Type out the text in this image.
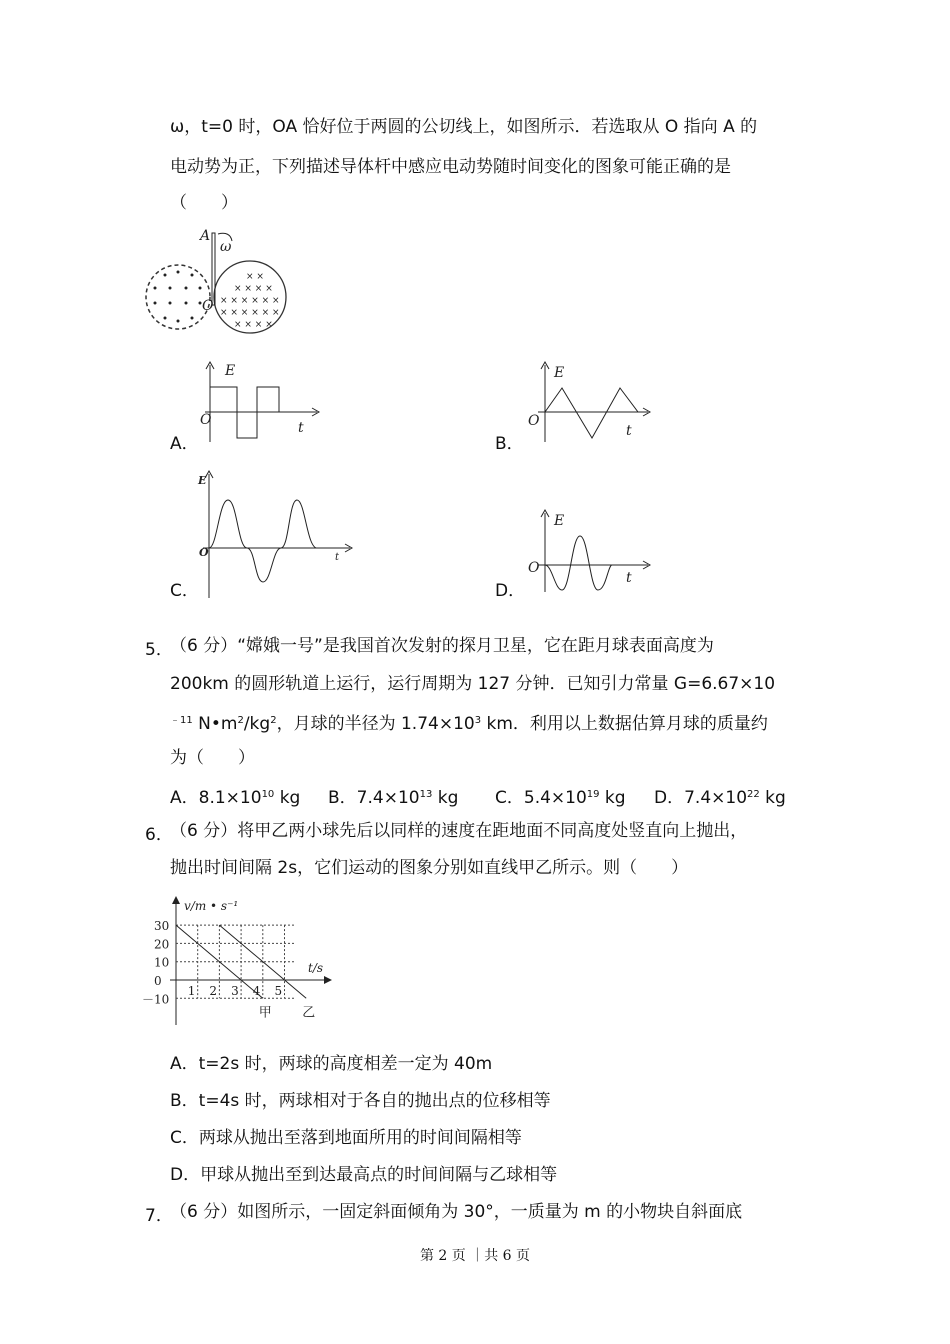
ω，t=0 时，OA 恰好位于两圆的公切线上，如图所示．若选取从 O 指向 A 的
电动势为正，下列描述导体杆中感应电动势随时间变化的图象可能正确的是
（　　）
× ×
× × × ×
× × × × × ×
× × × × × ×
× × × ×
A
ω
O
A．
E
O	t
B．
E
O
t
C．
E
O	t
D．
E
O
t
5．
（6 分）“嫦娥一号”是我国首次发射的探月卫星，它在距月球表面高度为
200km 的圆形轨道上运行，运行周期为 127 分钟．已知引力常量 G=6.67×10
$^{﹣11}$ $N•m^2/kg^2$，月球的半径为 $1.74\times 10^3$ km．利用以上数据估算月球的质量约
为（　　）
A．$8.1\times 10^{10}$ kg B．$7.4\times 10^{13}$ kg C．$5.4\times 10^{19}$ kg D．$7.4\times 10^{22}$ kg
6．
（6 分）将甲乙两小球先后以同样的速度在距地面不同高度处竖直向上抛出，
抛出时间间隔 2s，它们运动的图象分别如直线甲乙所示。则（　　）
甲 乙
30
20
10
0
－10
1 2 3 4 5
v/m • s⁻¹
t/s
A．t=2s 时，两球的高度相差一定为 40m
B．t=4s 时，两球相对于各自的抛出点的位移相等
C．两球从抛出至落到地面所用的时间间隔相等
D．甲球从抛出至到达最高点的时间间隔与乙球相等
7．
（6 分）如图所示，一固定斜面倾角为 30°，一质量为 m 的小物块自斜面底
第 2 页 ｜共 6 页
